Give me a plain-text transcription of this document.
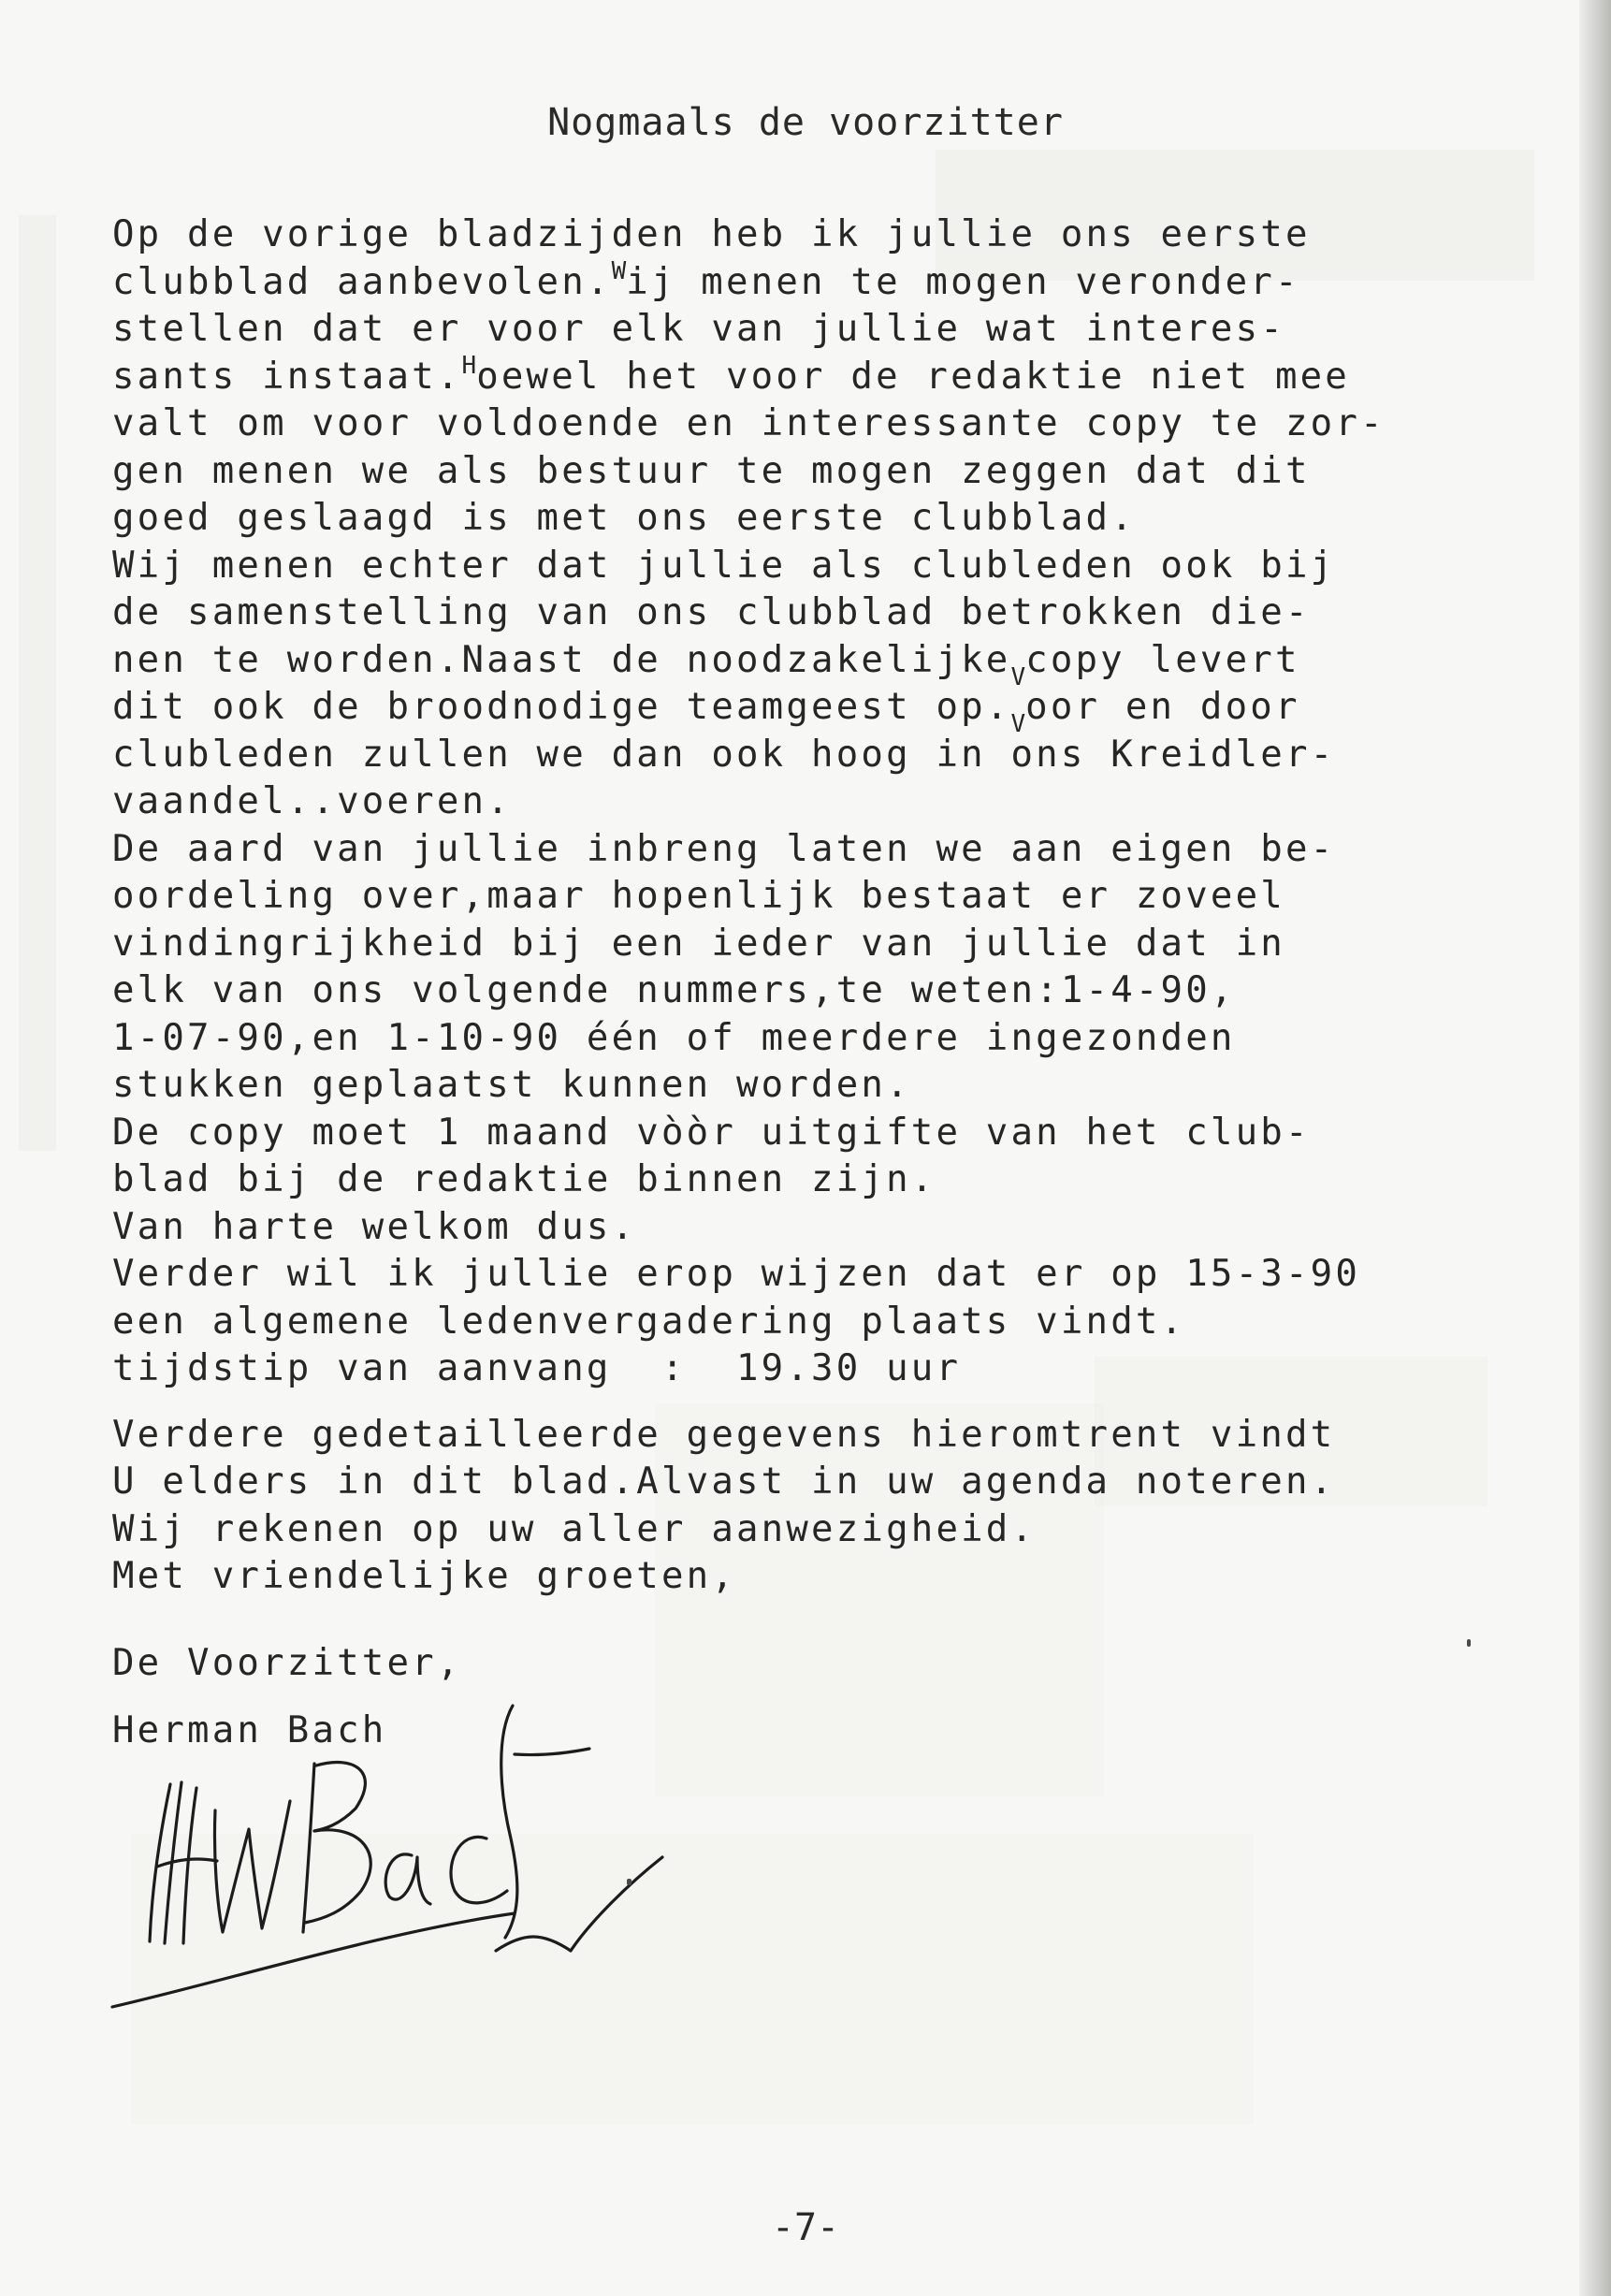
Nogmaals de voorzitter
Op de vorige bladzijden heb ik jullie ons eerste
clubblad aanbevolen.$^W$ij menen te mogen veronder-
stellen dat er voor elk van jullie wat interes-
sants instaat.$^H$oewel het voor de redaktie niet mee
valt om voor voldoende en interessante copy te zor-
gen menen we als bestuur te mogen zeggen dat dit
goed geslaagd is met ons eerste clubblad.
Wij menen echter dat jullie als clubleden ook bij
de samenstelling van ons clubblad betrokken die-
nen te worden.Naast de noodzakelijke$_V$copy levert
dit ook de broodnodige teamgeest $op._Voor$ en door
clubleden zullen we dan ook hoog in ons Kreidler-
vaandel..voeren.
De aard van jullie inbreng laten we aan eigen be-
oordeling over,maar hopenlijk bestaat er zoveel
vindingrijkheid bij een ieder van jullie dat in
elk van ons volgende nummers,te weten:1-4-90,
1-07-90,en 1-10-90 één of meerdere ingezonden
stukken geplaatst kunnen worden.
De copy moet 1 maand vòòr uitgifte van het club-
blad bij de redaktie binnen zijn.
Van harte welkom dus.
Verder wil ik jullie erop wijzen dat er op 15-3-90
een algemene ledenvergadering plaats vindt.
tijdstip van aanvang  :  19.30 uur
Verdere gedetailleerde gegevens hieromtrent vindt
U elders in dit blad.Alvast in uw agenda noteren.
Wij rekenen op uw aller aanwezigheid.
Met vriendelijke groeten,
De Voorzitter,
Herman Bach
-7-
